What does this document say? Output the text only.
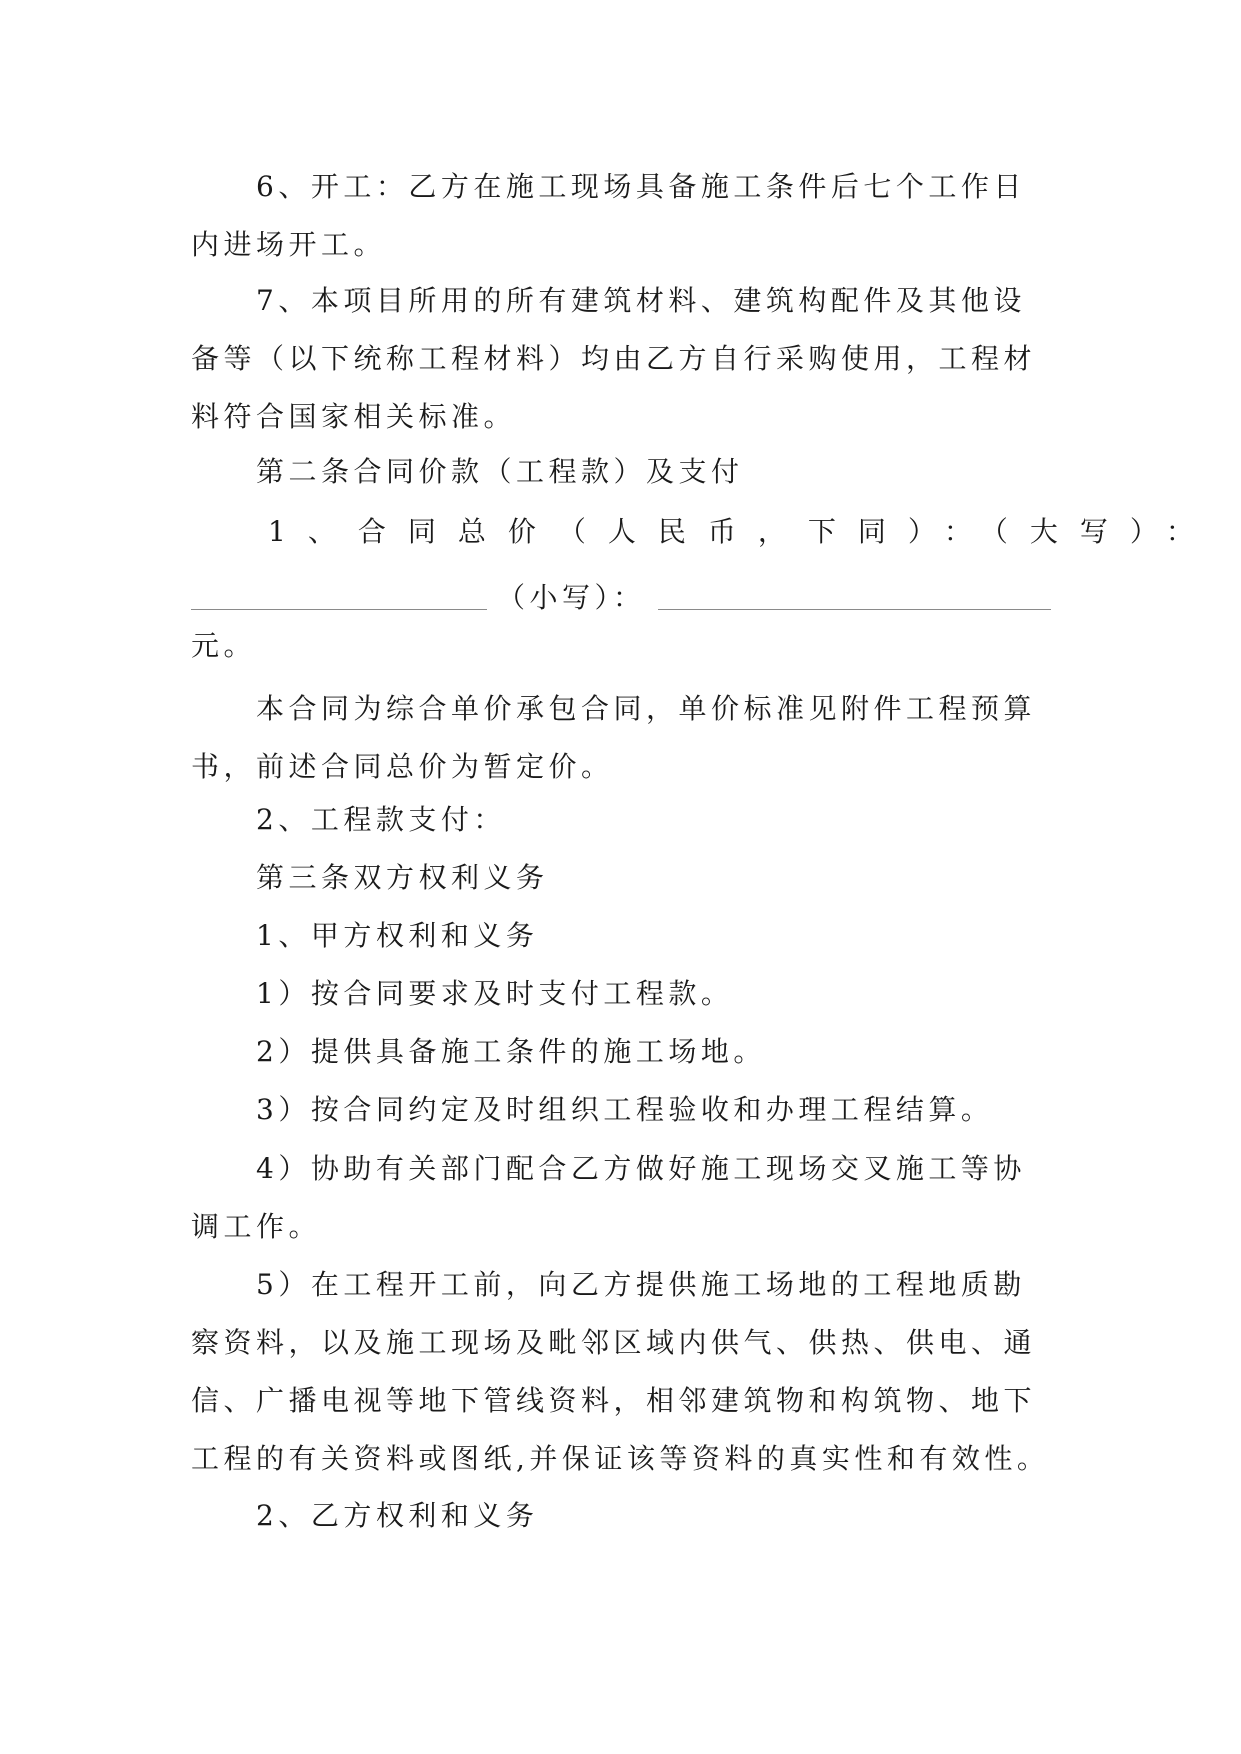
6、开工：乙方在施工现场具备施工条件后七个工作日内进场开工。

7、本项目所用的所有建筑材料、建筑构配件及其他设备等（以下统称工程材料）均由乙方自行采购使用，工程材料符合国家相关标准。

第二条合同价款（工程款）及支付

1、合同总价（人民币，下同）：（大写）：

（小写）：

元。

本合同为综合单价承包合同，单价标准见附件工程预算书，前述合同总价为暂定价。

2、工程款支付：

第三条双方权利义务

1、甲方权利和义务

1）按合同要求及时支付工程款。

2）提供具备施工条件的施工场地。

3）按合同约定及时组织工程验收和办理工程结算。

4）协助有关部门配合乙方做好施工现场交叉施工等协调工作。

5）在工程开工前，向乙方提供施工场地的工程地质勘察资料，以及施工现场及毗邻区域内供气、供热、供电、通信、广播电视等地下管线资料，相邻建筑物和构筑物、地下工程的有关资料或图纸,并保证该等资料的真实性和有效性。

2、乙方权利和义务
